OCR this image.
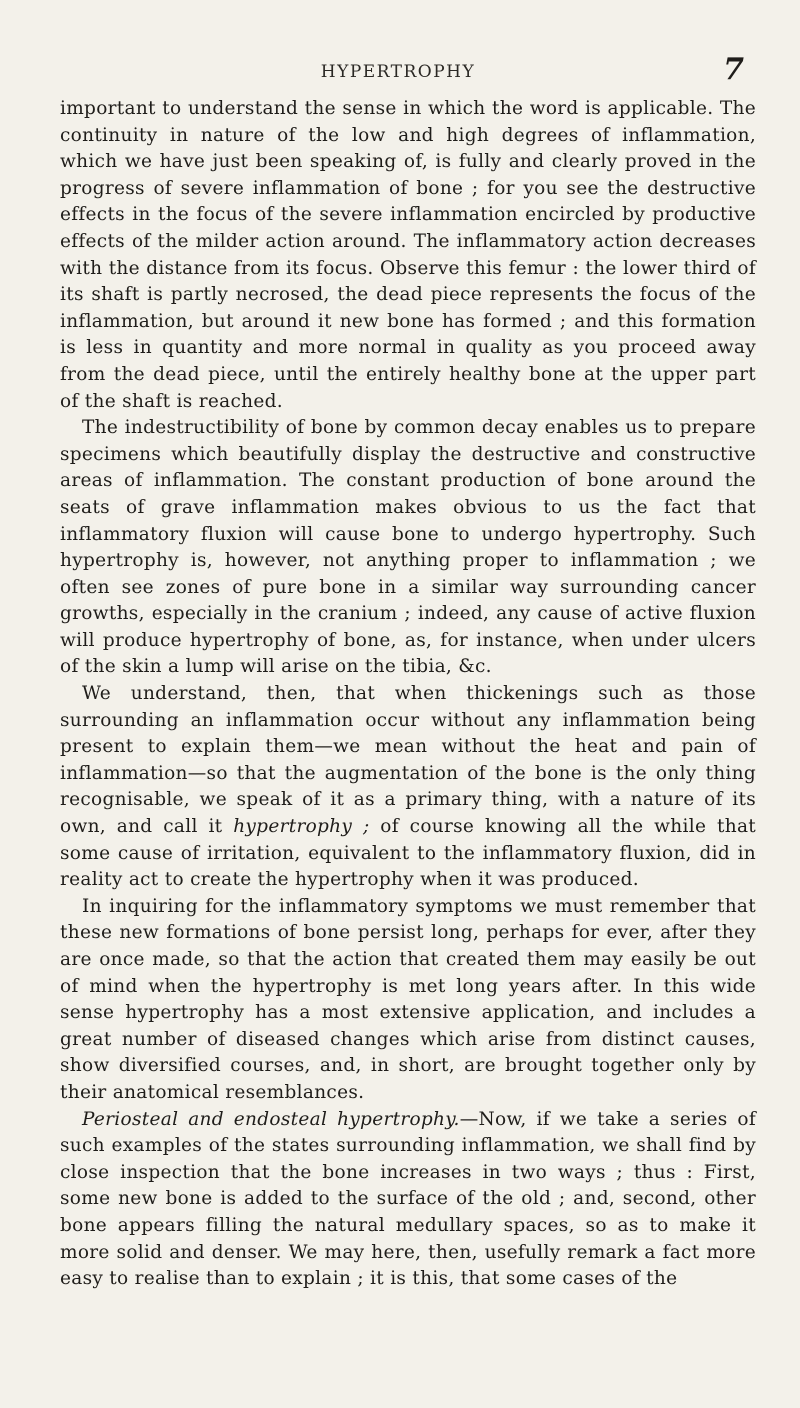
HYPERTROPHY	7

important to understand the sense in which the word is applicable. The continuity in nature of the low and high degrees of inflammation, which we have just been speaking of, is fully and clearly proved in the progress of severe inflammation of bone ; for you see the destructive effects in the focus of the severe inflammation encircled by productive effects of the milder action around. The inflammatory action decreases with the distance from its focus. Observe this femur : the lower third of its shaft is partly necrosed, the dead piece represents the focus of the inflammation, but around it new bone has formed ; and this formation is less in quantity and more normal in quality as you proceed away from the dead piece, until the entirely healthy bone at the upper part of the shaft is reached.

The indestructibility of bone by common decay enables us to prepare specimens which beautifully display the destructive and constructive areas of inflammation. The constant production of bone around the seats of grave inflammation makes obvious to us the fact that inflammatory fluxion will cause bone to undergo hypertrophy. Such hypertrophy is, however, not anything proper to inflammation ; we often see zones of pure bone in a similar way surrounding cancer growths, especially in the cranium ; indeed, any cause of active fluxion will produce hypertrophy of bone, as, for instance, when under ulcers of the skin a lump will arise on the tibia, &c.

We understand, then, that when thickenings such as those surrounding an inflammation occur without any inflammation being present to explain them—we mean without the heat and pain of inflammation—so that the augmentation of the bone is the only thing recognisable, we speak of it as a primary thing, with a nature of its own, and call it hypertrophy ; of course knowing all the while that some cause of irritation, equivalent to the inflammatory fluxion, did in reality act to create the hypertrophy when it was produced.

In inquiring for the inflammatory symptoms we must remember that these new formations of bone persist long, perhaps for ever, after they are once made, so that the action that created them may easily be out of mind when the hypertrophy is met long years after. In this wide sense hypertrophy has a most extensive application, and includes a great number of diseased changes which arise from distinct causes, show diversified courses, and, in short, are brought together only by their anatomical resemblances.

Periosteal and endosteal hypertrophy.—Now, if we take a series of such examples of the states surrounding inflammation, we shall find by close inspection that the bone increases in two ways ; thus : First, some new bone is added to the surface of the old ; and, second, other bone appears filling the natural medullary spaces, so as to make it more solid and denser. We may here, then, usefully remark a fact more easy to realise than to explain ; it is this, that some cases of the
